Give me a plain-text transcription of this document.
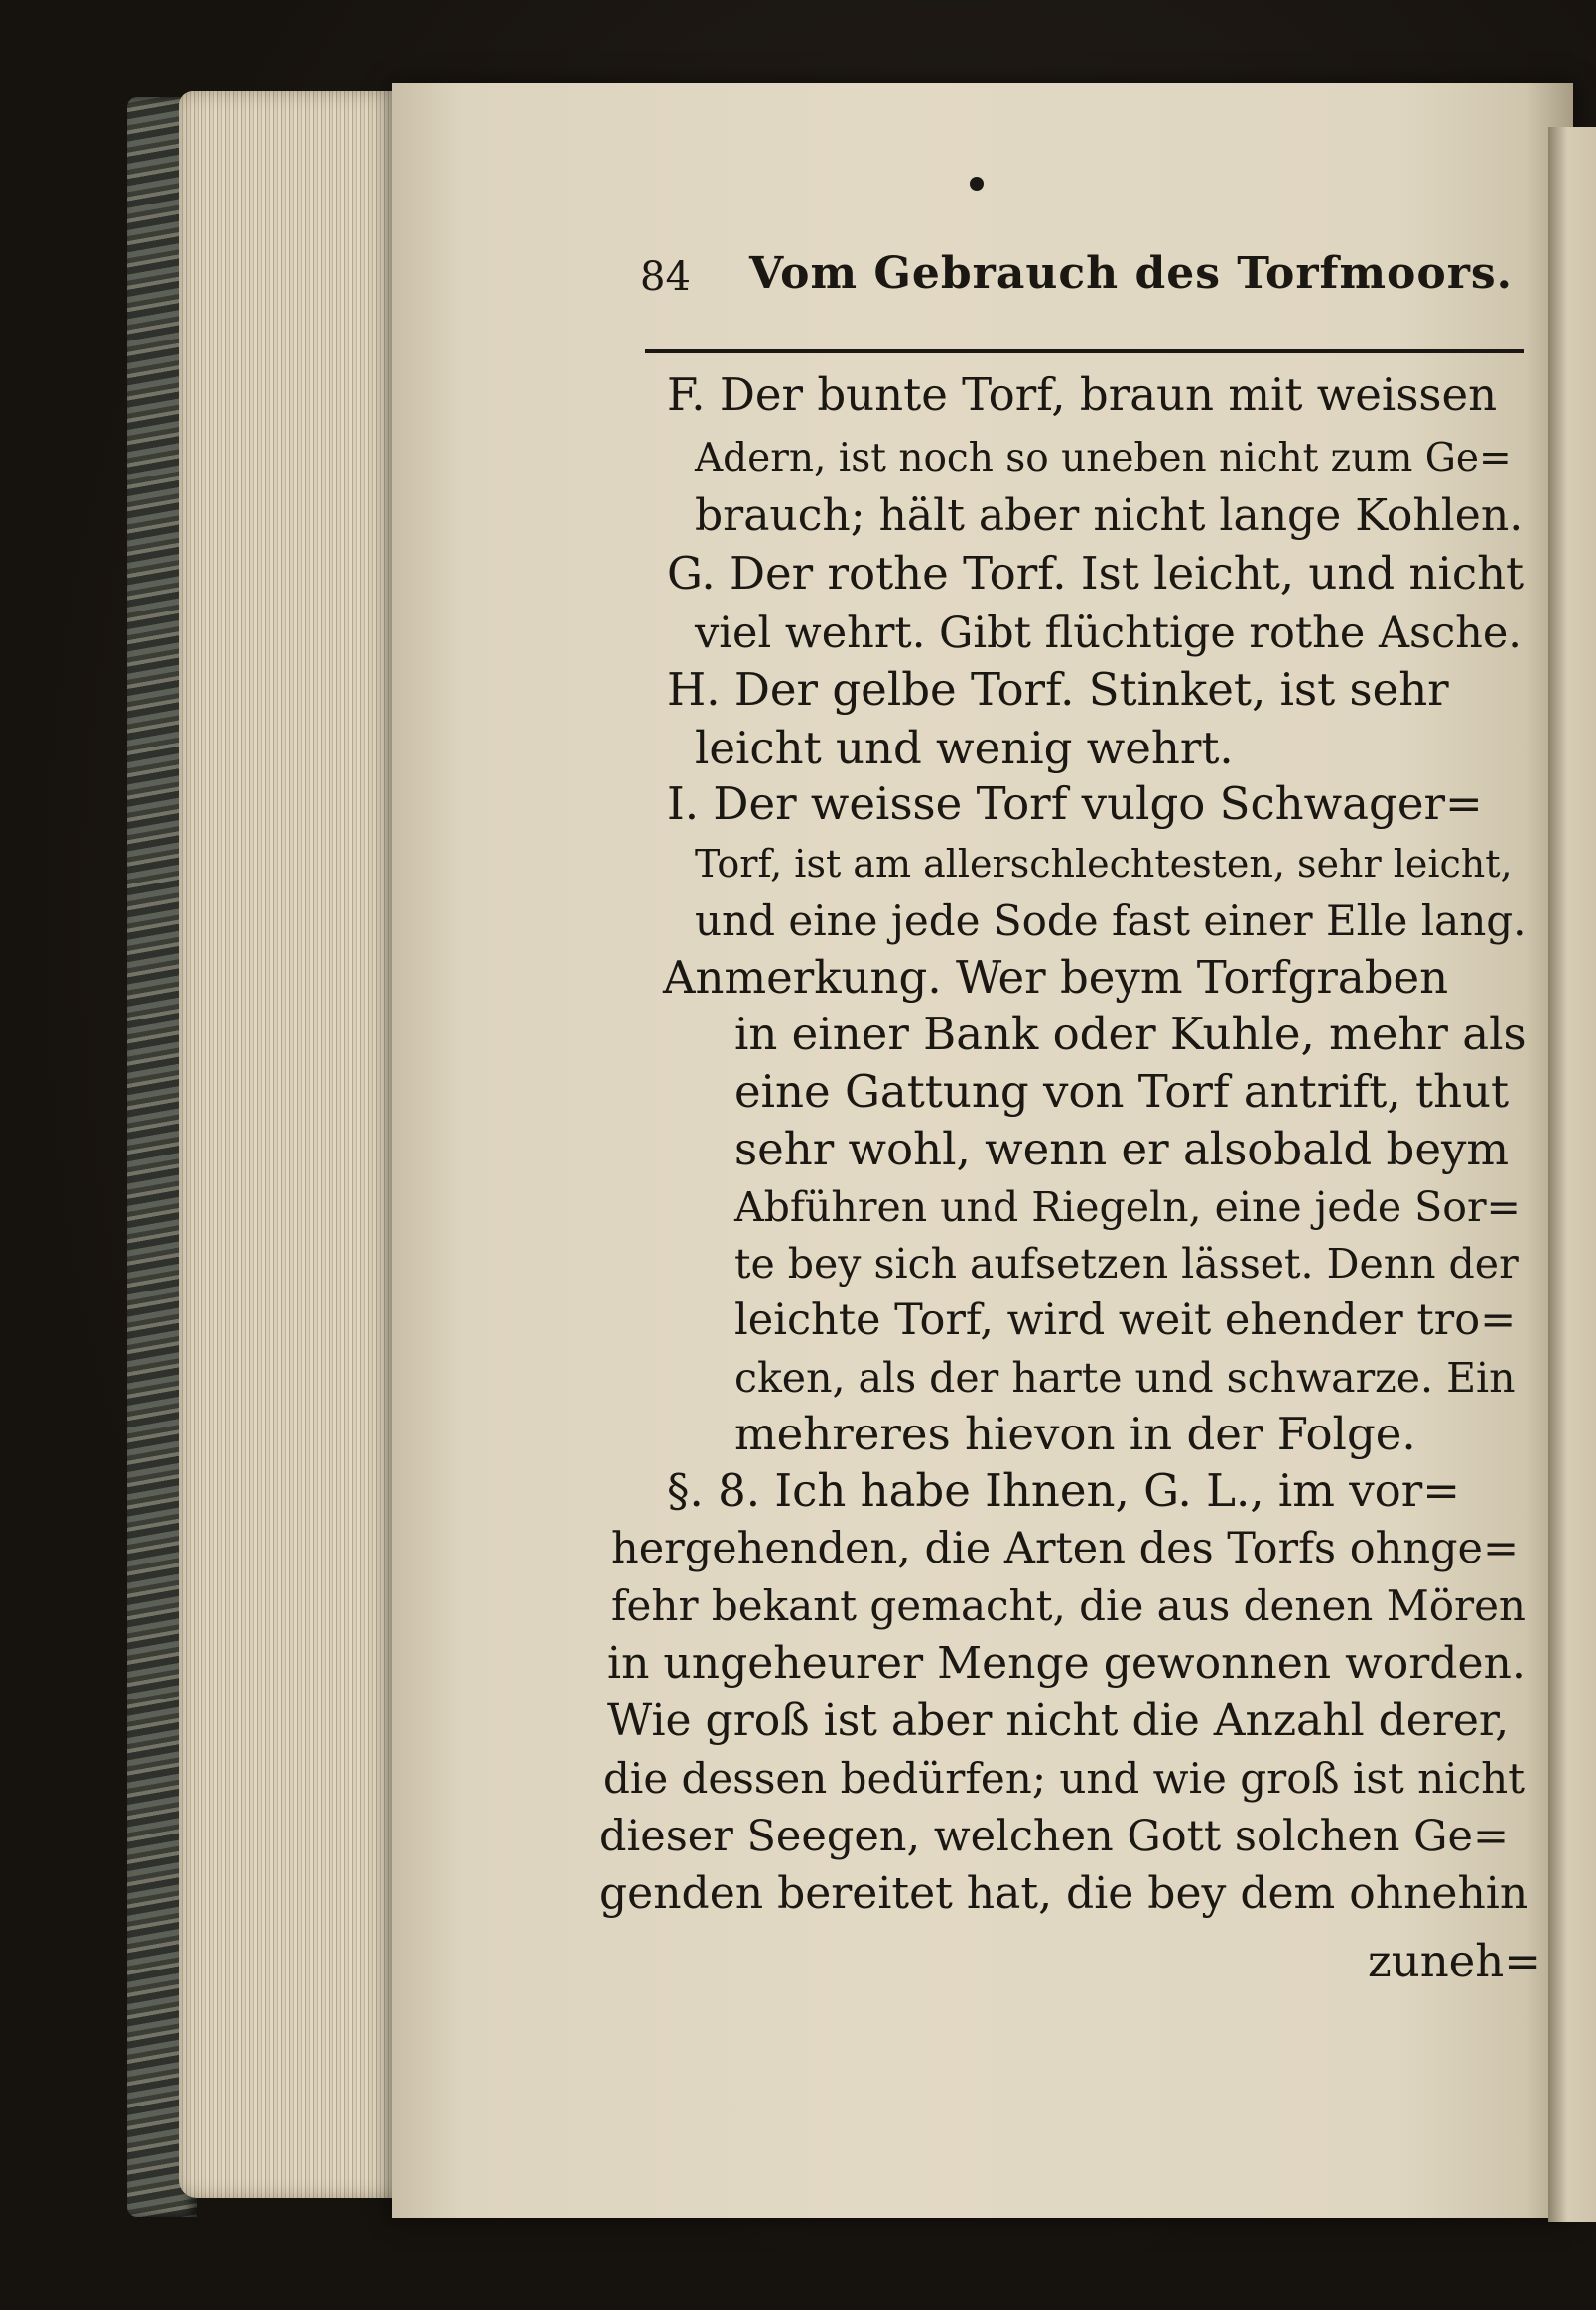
84 Vom Gebrauch des Torfmoors.
F. Der bunte Torf, braun mit weissen
Adern, ist noch so uneben nicht zum Ge=
brauch; hält aber nicht lange Kohlen.
G. Der rothe Torf. Ist leicht, und nicht
viel wehrt. Gibt flüchtige rothe Asche.
H. Der gelbe Torf. Stinket, ist sehr
leicht und wenig wehrt.
I. Der weisse Torf vulgo Schwager=
Torf, ist am allerschlechtesten, sehr leicht,
und eine jede Sode fast einer Elle lang.
Anmerkung. Wer beym Torfgraben
in einer Bank oder Kuhle, mehr als
eine Gattung von Torf antrift, thut
sehr wohl, wenn er alsobald beym
Abführen und Riegeln, eine jede Sor=
te bey sich aufsetzen lässet. Denn der
leichte Torf, wird weit ehender tro=
cken, als der harte und schwarze. Ein
mehreres hievon in der Folge.
§. 8. Ich habe Ihnen, G. L., im vor=
hergehenden, die Arten des Torfs ohnge=
fehr bekant gemacht, die aus denen Mören
in ungeheurer Menge gewonnen worden.
Wie groß ist aber nicht die Anzahl derer,
die dessen bedürfen; und wie groß ist nicht
dieser Seegen, welchen Gott solchen Ge=
genden bereitet hat, die bey dem ohnehin
zuneh=
